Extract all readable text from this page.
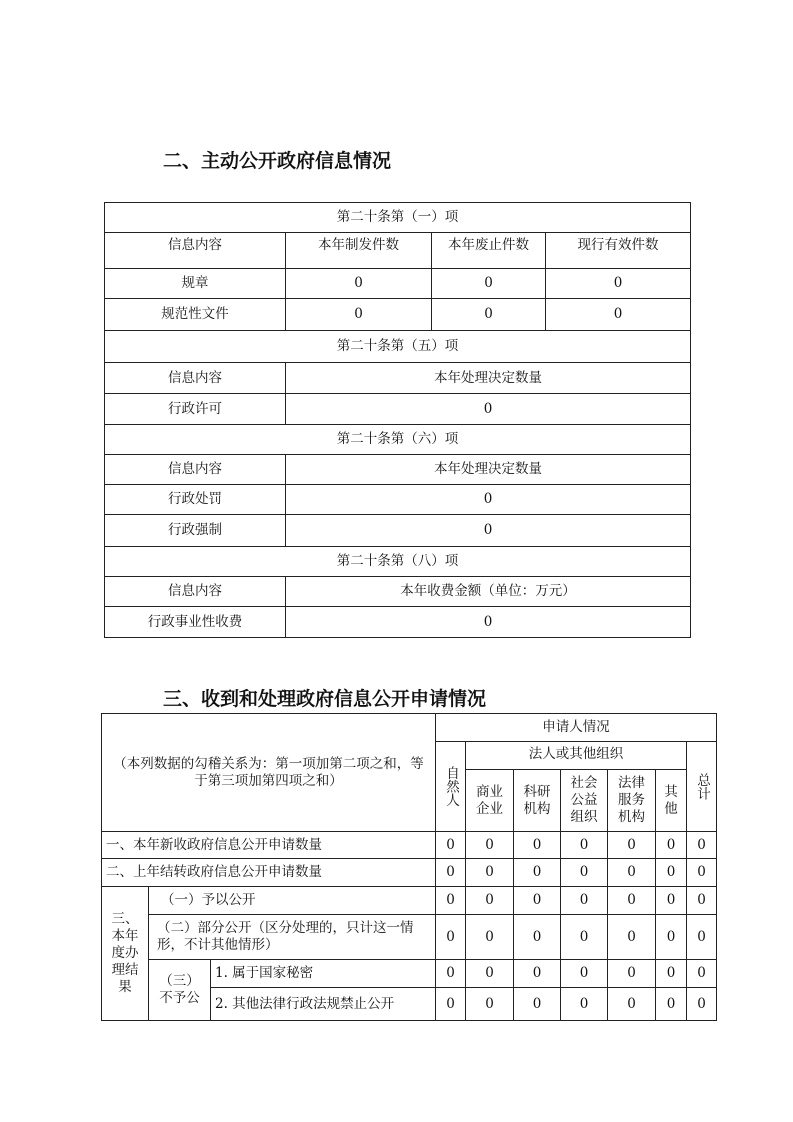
二、主动公开政府信息情况
第二十条第（一）项			
信息内容	本年制发件数	本年废止件数	现行有效件数
规章	0	0	0
规范性文件	0	0	0
第二十条第（五）项			
信息内容	本年处理决定数量		
行政许可	0		
第二十条第（六）项			
信息内容	本年处理决定数量		
行政处罚	0		
行政强制	0		
第二十条第（八）项			
信息内容	本年收费金额（单位：万元）		
行政事业性收费	0		
三、收到和处理政府信息公开申请情况
（本列数据的勾稽关系为：第一项加第二项之和，等于第三项加第四项之和）			申请人情况						
			自然人	法人或其他组织					总计

				商业企业	科研机构	社会公益组织	法律服务机构	其他	

一、本年新收政府信息公开申请数量			0	0	0	0	0	0	0
二、上年结转政府信息公开申请数量			0	0	0	0	0	0	0

三、本年度办理结果	（一）予以公开		0	0	0	0	0	0	0
	（二）部分公开（区分处理的，只计这一情形，不计其他情形）		0	0	0	0	0	0	0

	（三）不予公	1. 属于国家秘密	0	0	0	0	0	0	0
		2. 其他法律行政法规禁止公开	0	0	0	0	0	0	0
